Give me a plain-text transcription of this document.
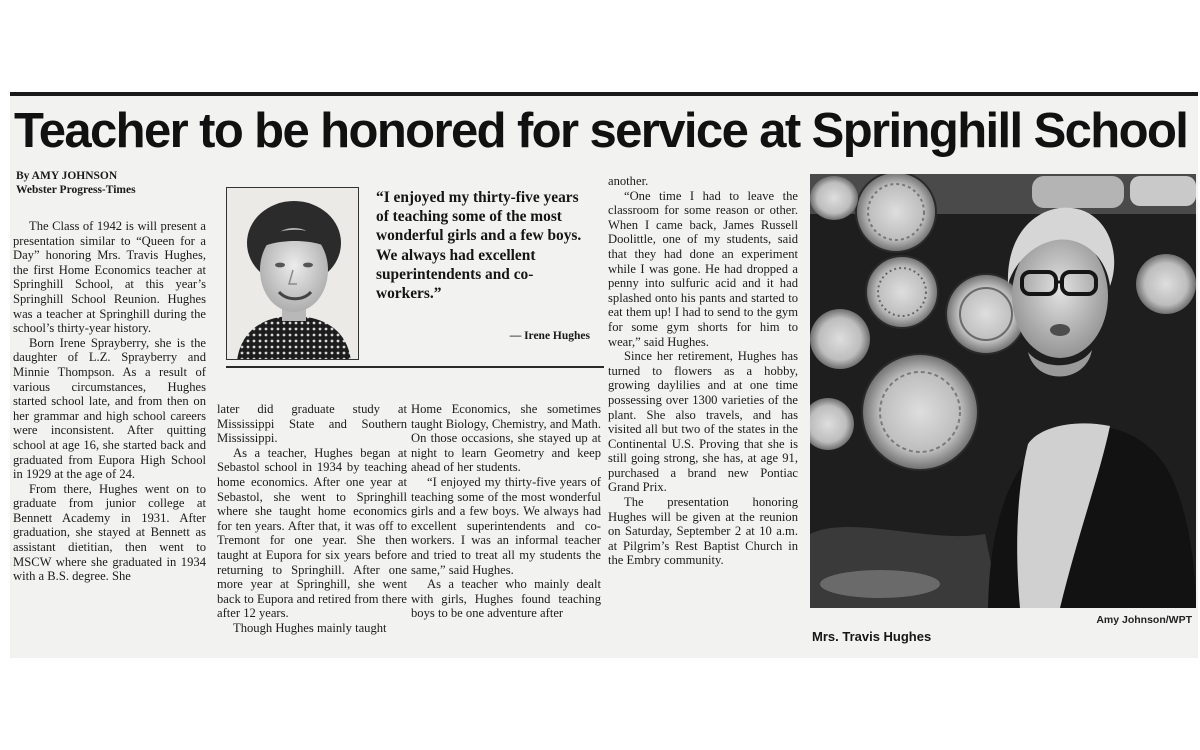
Teacher to be honored for service at Springhill School
By AMY JOHNSON
Webster Progress-Times

The Class of 1942 is will present a presentation similar to “Queen for a Day” honoring Mrs. Travis Hughes, the first Home Economics teacher at Springhill School, at this year’s Springhill School Reunion. Hughes was a teacher at Springhill during the school’s thirty-year history.

Born Irene Sprayberry, she is the daughter of L.Z. Sprayberry and Minnie Thompson. As a result of various circumstances, Hughes started school late, and from then on her grammar and high school careers were inconsistent. After quitting school at age 16, she started back and graduated from Eupora High School in 1929 at the age of 24.

From there, Hughes went on to graduate from junior college at Bennett Academy in 1931. After graduation, she stayed at Bennett as assistant dietitian, then went to MSCW where she graduated in 1934 with a B.S. degree. She

“I enjoyed my thirty-five years of teaching some of the most wonderful girls and a few boys. We always had excellent superintendents and co-workers.”
— Irene Hughes

later did graduate study at Mississippi State and Southern Mississippi.

As a teacher, Hughes began at Sebastol school in 1934 by teaching home economics. After one year at Sebastol, she went to Springhill where she taught home economics for ten years. After that, it was off to Tremont for one year. She then taught at Eupora for six years before returning to Springhill. After one more year at Springhill, she went back to Eupora and retired from there after 12 years.

Though Hughes mainly taught

Home Economics, she sometimes taught Biology, Chemistry, and Math. On those occasions, she stayed up at night to learn Geometry and keep ahead of her students.

“I enjoyed my thirty-five years of teaching some of the most wonderful girls and a few boys. We always had excellent superintendents and co-workers. I was an informal teacher and tried to treat all my students the same,” said Hughes.

As a teacher who mainly dealt with girls, Hughes found teaching boys to be one adventure after

another.

“One time I had to leave the classroom for some reason or other. When I came back, James Russell Doolittle, one of my students, said that they had done an experiment while I was gone. He had dropped a penny into sulfuric acid and it had splashed onto his pants and started to eat them up! I had to send to the gym for some gym shorts for him to wear,” said Hughes.

Since her retirement, Hughes has turned to flowers as a hobby, growing daylilies and at one time possessing over 1300 varieties of the plant. She also travels, and has visited all but two of the states in the Continental U.S. Proving that she is still going strong, she has, at age 91, purchased a brand new Pontiac Grand Prix.

The presentation honoring Hughes will be given at the reunion on Saturday, September 2 at 10 a.m. at Pilgrim’s Rest Baptist Church in the Embry community.

Amy Johnson/WPT
Mrs. Travis Hughes
